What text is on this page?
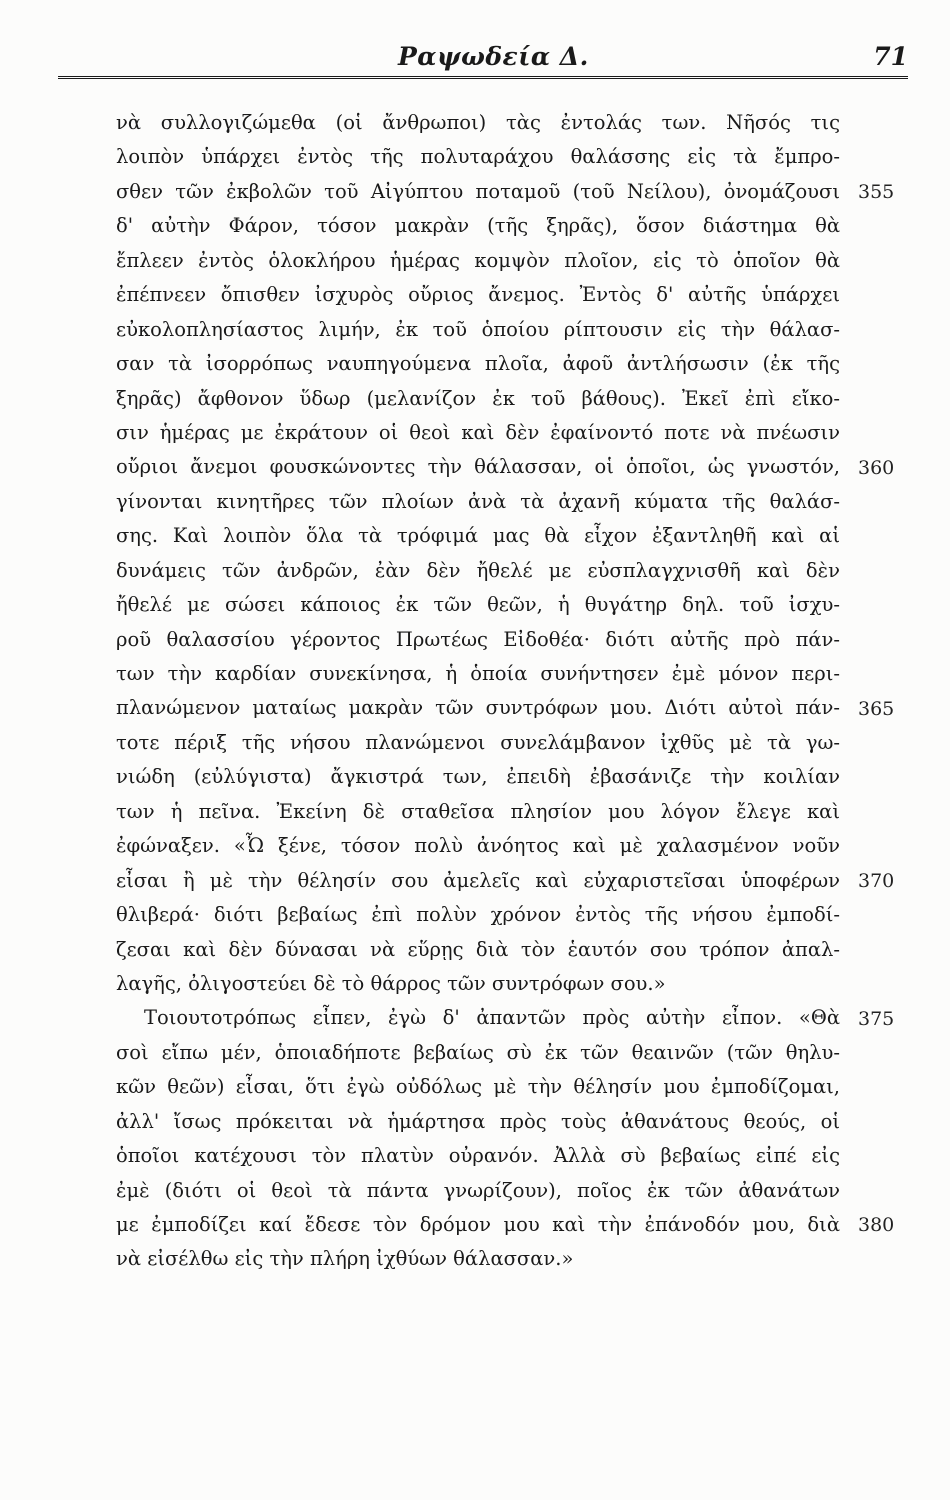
Ραψωδεία Δ.	71
νὰ συλλογιζώμεθα (οἱ ἄνθρωποι) τὰς ἐντολάς των. Νῆσός τις
λοιπὸν ὑπάρχει ἐντὸς τῆς πολυταράχου θαλάσσης εἰς τὰ ἔμπρο-
σθεν τῶν ἐκβολῶν τοῦ Αἰγύπτου ποταμοῦ (τοῦ Νείλου), ὀνομάζουσι
δ' αὐτὴν Φάρον, τόσον μακρὰν (τῆς ξηρᾶς), ὅσον διάστημα θὰ
ἔπλεεν ἐντὸς ὁλοκλήρου ἡμέρας κομψὸν πλοῖον, εἰς τὸ ὁποῖον θὰ
ἐπέπνεεν ὄπισθεν ἰσχυρὸς οὔριος ἄνεμος. Ἐντὸς δ' αὐτῆς ὑπάρχει
εὐκολοπλησίαστος λιμήν, ἐκ τοῦ ὁποίου ρίπτουσιν εἰς τὴν θάλασ-
σαν τὰ ἰσορρόπως ναυπηγούμενα πλοῖα, ἀφοῦ ἀντλήσωσιν (ἐκ τῆς
ξηρᾶς) ἄφθονον ὕδωρ (μελανίζον ἐκ τοῦ βάθους). Ἐκεῖ ἐπὶ εἴκο-
σιν ἡμέρας με ἐκράτουν οἱ θεοὶ καὶ δὲν ἐφαίνοντό ποτε νὰ πνέωσιν
οὔριοι ἄνεμοι φουσκώνοντες τὴν θάλασσαν, οἱ ὁποῖοι, ὡς γνωστόν,
γίνονται κινητῆρες τῶν πλοίων ἀνὰ τὰ ἀχανῆ κύματα τῆς θαλάσ-
σης. Καὶ λοιπὸν ὅλα τὰ τρόφιμά μας θὰ εἶχον ἐξαντληθῆ καὶ αἱ
δυνάμεις τῶν ἀνδρῶν, ἐὰν δὲν ἤθελέ με εὐσπλαγχνισθῆ καὶ δὲν
ἤθελέ με σώσει κάποιος ἐκ τῶν θεῶν, ἡ θυγάτηρ δηλ. τοῦ ἰσχυ-
ροῦ θαλασσίου γέροντος Πρωτέως Εἰδοθέα· διότι αὐτῆς πρὸ πάν-
των τὴν καρδίαν συνεκίνησα, ἡ ὁποία συνήντησεν ἐμὲ μόνον περι-
πλανώμενον ματαίως μακρὰν τῶν συντρόφων μου. Διότι αὐτοὶ πάν-
τοτε πέριξ τῆς νήσου πλανώμενοι συνελάμβανον ἰχθῦς μὲ τὰ γω-
νιώδη (εὐλύγιστα) ἄγκιστρά των, ἐπειδὴ ἐβασάνιζε τὴν κοιλίαν
των ἡ πεῖνα. Ἐκείνη δὲ σταθεῖσα πλησίον μου λόγον ἔλεγε καὶ
ἐφώναξεν. «Ὦ ξένε, τόσον πολὺ ἀνόητος καὶ μὲ χαλασμένον νοῦν
εἶσαι ἢ μὲ τὴν θέλησίν σου ἀμελεῖς καὶ εὐχαριστεῖσαι ὑποφέρων
θλιβερά· διότι βεβαίως ἐπὶ πολὺν χρόνον ἐντὸς τῆς νήσου ἐμποδί-
ζεσαι καὶ δὲν δύνασαι νὰ εὕρῃς διὰ τὸν ἑαυτόν σου τρόπον ἀπαλ-
λαγῆς, ὀλιγοστεύει δὲ τὸ θάρρος τῶν συντρόφων σου.»
Τοιουτοτρόπως εἶπεν, ἐγὼ δ' ἀπαντῶν πρὸς αὐτὴν εἶπον. «Θὰ
σοὶ εἴπω μέν, ὁποιαδήποτε βεβαίως σὺ ἐκ τῶν θεαινῶν (τῶν θηλυ-
κῶν θεῶν) εἶσαι, ὅτι ἐγὼ οὐδόλως μὲ τὴν θέλησίν μου ἐμποδίζομαι,
ἀλλ' ἴσως πρόκειται νὰ ἡμάρτησα πρὸς τοὺς ἀθανάτους θεούς, οἱ
ὁποῖοι κατέχουσι τὸν πλατὺν οὐρανόν. Ἀλλὰ σὺ βεβαίως εἰπέ εἰς
ἐμὲ (διότι οἱ θεοὶ τὰ πάντα γνωρίζουν), ποῖος ἐκ τῶν ἀθανάτων
με ἐμποδίζει καί ἔδεσε τὸν δρόμον μου καὶ τὴν ἐπάνοδόν μου, διὰ
νὰ εἰσέλθω εἰς τὴν πλήρη ἰχθύων θάλασσαν.»
355
360
365
370
375
380
